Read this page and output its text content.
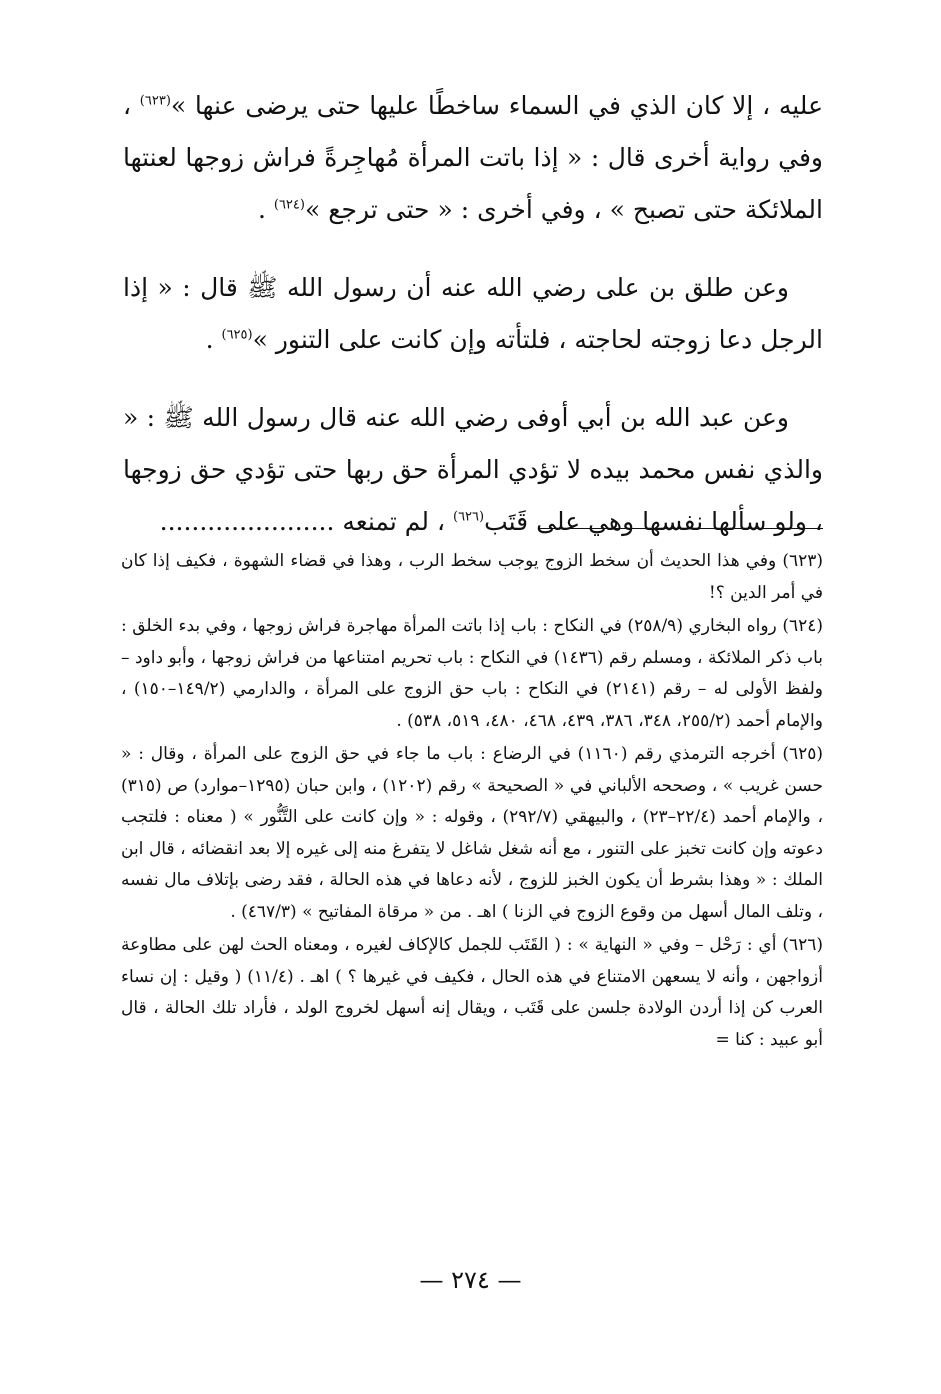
عليه ، إلا كان الذي في السماء ساخطًا عليها حتى يرضى عنها »$^{(٦٢٣)}$ ، وفي رواية أخرى قال : « إذا باتت المرأة مُهاجِرةً فراش زوجها لعنتها الملائكة حتى تصبح » ، وفي أخرى : « حتى ترجع »$^{(٦٢٤)}$ .

وعن طلق بن على رضي الله عنه أن رسول الله ﷺ قال : « إذا الرجل دعا زوجته لحاجته ، فلتأته وإن كانت على التنور »$^{(٦٢٥)}$ .

وعن عبد الله بن أبي أوفى رضي الله عنه قال رسول الله ﷺ : « والذي نفس محمد بيده لا تؤدي المرأة حق ربها حتى تؤدي حق زوجها ، ولو سألها نفسها وهي على قَتَب$^{(٦٢٦)}$ ، لم تمنعه ......................

(٦٢٣) وفي هذا الحديث أن سخط الزوج يوجب سخط الرب ، وهذا في قضاء الشهوة ، فكيف إذا كان في أمر الدين ؟!

(٦٢٤) رواه البخاري (٢٥٨/٩) في النكاح : باب إذا باتت المرأة مهاجرة فراش زوجها ، وفي بدء الخلق : باب ذكر الملائكة ، ومسلم رقم (١٤٣٦) في النكاح : باب تحريم امتناعها من فراش زوجها ، وأبو داود – ولفظ الأولى له – رقم (٢١٤١) في النكاح : باب حق الزوج على المرأة ، والدارمي (١٤٩/٢–١٥٠) ، والإمام أحمد (٢٥٥/٢، ٣٤٨، ٣٨٦، ٤٣٩، ٤٦٨، ٤٨٠، ٥١٩، ٥٣٨) .

(٦٢٥) أخرجه الترمذي رقم (١١٦٠) في الرضاع : باب ما جاء في حق الزوج على المرأة ، وقال : « حسن غريب » ، وصححه الألباني في « الصحيحة » رقم (١٢٠٢) ، وابن حبان (١٢٩٥–موارد) ص (٣١٥) ، والإمام أحمد (٢٢/٤–٢٣) ، والبيهقي (٢٩٢/٧) ، وقوله : « وإن كانت على التَّنُّور » ( معناه : فلتجب دعوته وإن كانت تخبز على التنور ، مع أنه شغل شاغل لا يتفرغ منه إلى غيره إلا بعد انقضائه ، قال ابن الملك : « وهذا بشرط أن يكون الخبز للزوج ، لأنه دعاها في هذه الحالة ، فقد رضى بإتلاف مال نفسه ، وتلف المال أسهل من وقوع الزوج في الزنا ) اهـ . من « مرقاة المفاتيح » (٤٦٧/٣) .

(٦٢٦) أي : رَحْل – وفي « النهاية » : ( القَتَب للجمل كالإكاف لغيره ، ومعناه الحث لهن على مطاوعة أزواجهن ، وأنه لا يسعهن الامتناع في هذه الحال ، فكيف في غيرها ؟ ) اهـ . (١١/٤) ( وقيل : إن نساء العرب كن إذا أردن الولادة جلسن على قَتَب ، ويقال إنه أسهل لخروج الولد ، فأراد تلك الحالة ، قال أبو عبيد : كنا =

— ٢٧٤ —
